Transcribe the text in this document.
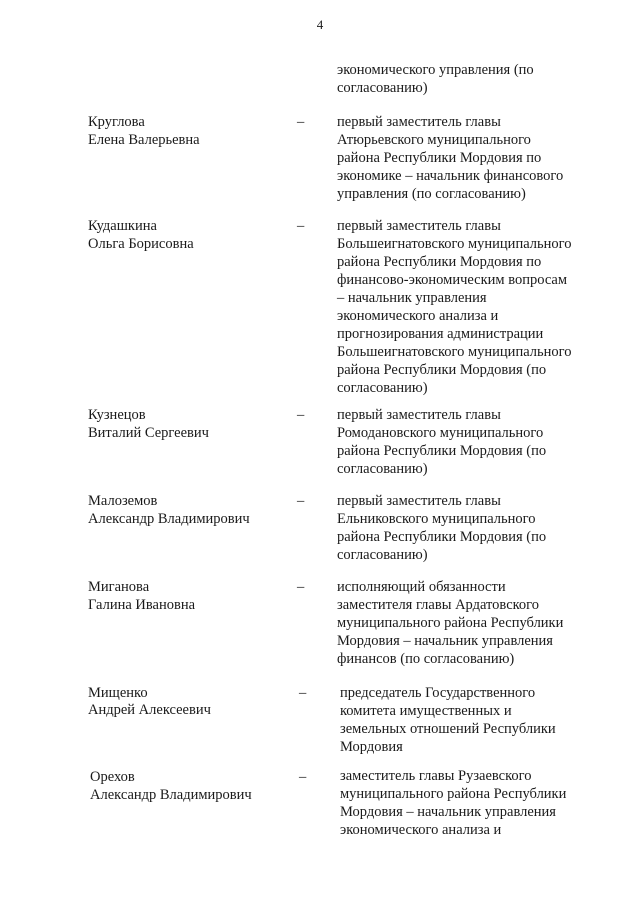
4
экономического управления (по
согласованию)
Круглова
Елена Валерьевна
– первый заместитель главы
Атюрьевского муниципального
района Республики Мордовия по
экономике – начальник финансового
управления (по согласованию)
Кудашкина
Ольга Борисовна
– первый заместитель главы
Большеигнатовского муниципального
района Республики Мордовия по
финансово-экономическим вопросам
– начальник управления
экономического анализа и
прогнозирования администрации
Большеигнатовского муниципального
района Республики Мордовия (по
согласованию)
Кузнецов
Виталий Сергеевич
– первый заместитель главы
Ромодановского муниципального
района Республики Мордовия (по
согласованию)
Малоземов
Александр Владимирович
– первый заместитель главы
Ельниковского муниципального
района Республики Мордовия (по
согласованию)
Миганова
Галина Ивановна
– исполняющий обязанности
заместителя главы Ардатовского
муниципального района Республики
Мордовия – начальник управления
финансов (по согласованию)
Мищенко
Андрей Алексеевич
– председатель Государственного
комитета имущественных и
земельных отношений Республики
Мордовия
Орехов
Александр Владимирович
– заместитель главы Рузаевского
муниципального района Республики
Мордовия – начальник управления
экономического анализа и
